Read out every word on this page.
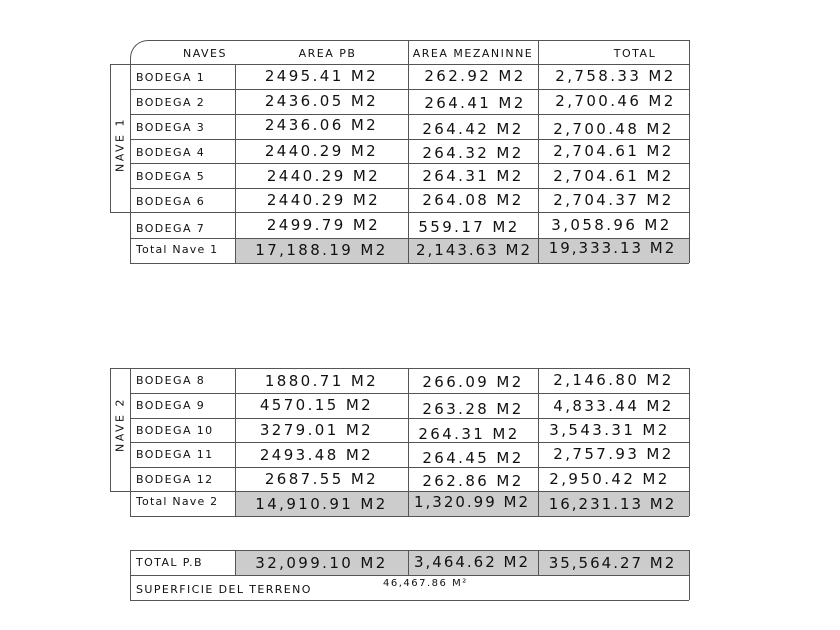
NAVES	AREA PB	AREA MEZANINNE	TOTAL
NAVE 1
BODEGA 1	2495.41 M2	262.92 M2	2,758.33 M2
BODEGA 2	2436.05 M2	264.41 M2	2,700.46 M2
BODEGA 3	2436.06 M2	264.42 M2	2,700.48 M2
BODEGA 4	2440.29 M2	264.32 M2	2,704.61 M2
BODEGA 5	2440.29 M2	264.31 M2	2,704.61 M2
BODEGA 6	2440.29 M2	264.08 M2	2,704.37 M2
BODEGA 7	2499.79 M2	559.17 M2	3,058.96 M2
Total Nave 1	17,188.19 M2	2,143.63 M2	19,333.13 M2
NAVE 2
BODEGA 8	1880.71 M2	266.09 M2	2,146.80 M2
BODEGA 9	4570.15 M2	263.28 M2	4,833.44 M2
BODEGA 10	3279.01 M2	264.31 M2	3,543.31 M2
BODEGA 11	2493.48 M2	264.45 M2	2,757.93 M2
BODEGA 12	2687.55 M2	262.86 M2	2,950.42 M2
Total Nave 2	14,910.91 M2	1,320.99 M2	16,231.13 M2
TOTAL P.B	32,099.10 M2	3,464.62 M2	35,564.27 M2
SUPERFICIE DEL TERRENO	46,467.86 M²
